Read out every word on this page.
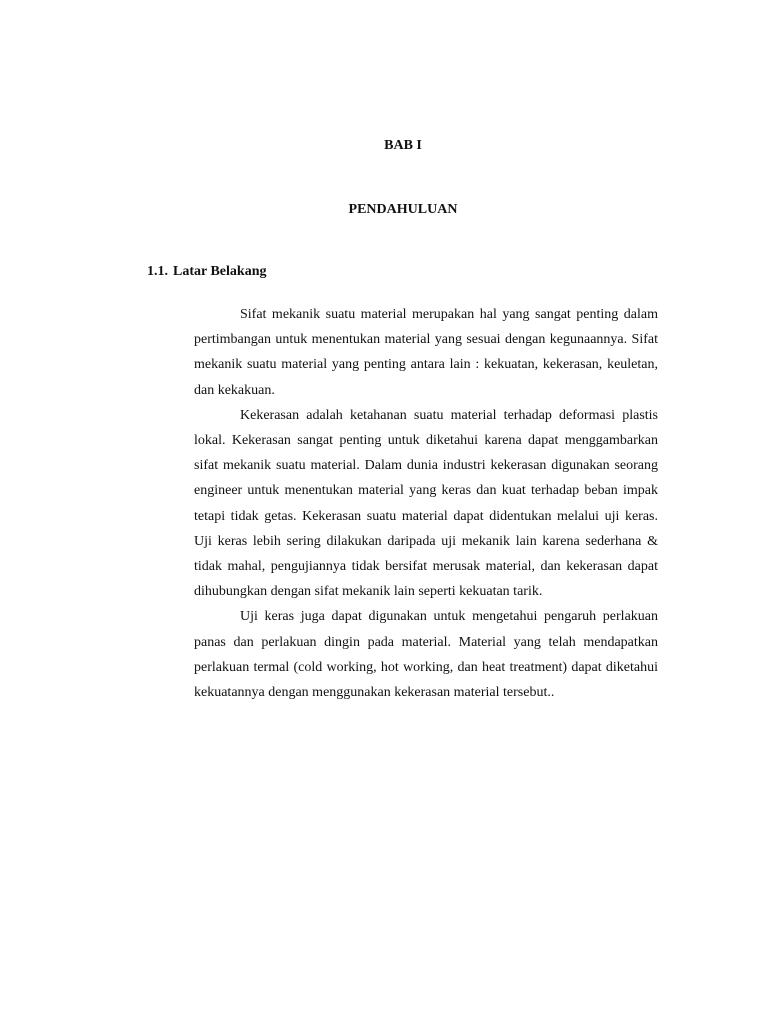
BAB I
PENDAHULUAN
1.1. Latar Belakang

Sifat mekanik suatu material merupakan hal yang sangat penting dalam pertimbangan untuk menentukan material yang sesuai dengan kegunaannya. Sifat mekanik suatu material yang penting antara lain : kekuatan, kekerasan, keuletan, dan kekakuan.

Kekerasan adalah ketahanan suatu material terhadap deformasi plastis lokal. Kekerasan sangat penting untuk diketahui karena dapat menggambarkan sifat mekanik suatu material. Dalam dunia industri kekerasan digunakan seorang engineer untuk menentukan material yang keras dan kuat terhadap beban impak tetapi tidak getas. Kekerasan suatu material dapat didentukan melalui uji keras. Uji keras lebih sering dilakukan daripada uji mekanik lain karena sederhana & tidak mahal, pengujiannya tidak bersifat merusak material, dan kekerasan dapat dihubungkan dengan sifat mekanik lain seperti kekuatan tarik.

Uji keras juga dapat digunakan untuk mengetahui pengaruh perlakuan panas dan perlakuan dingin pada material. Material yang telah mendapatkan perlakuan termal (cold working, hot working, dan heat treatment) dapat diketahui kekuatannya dengan menggunakan kekerasan material tersebut..
